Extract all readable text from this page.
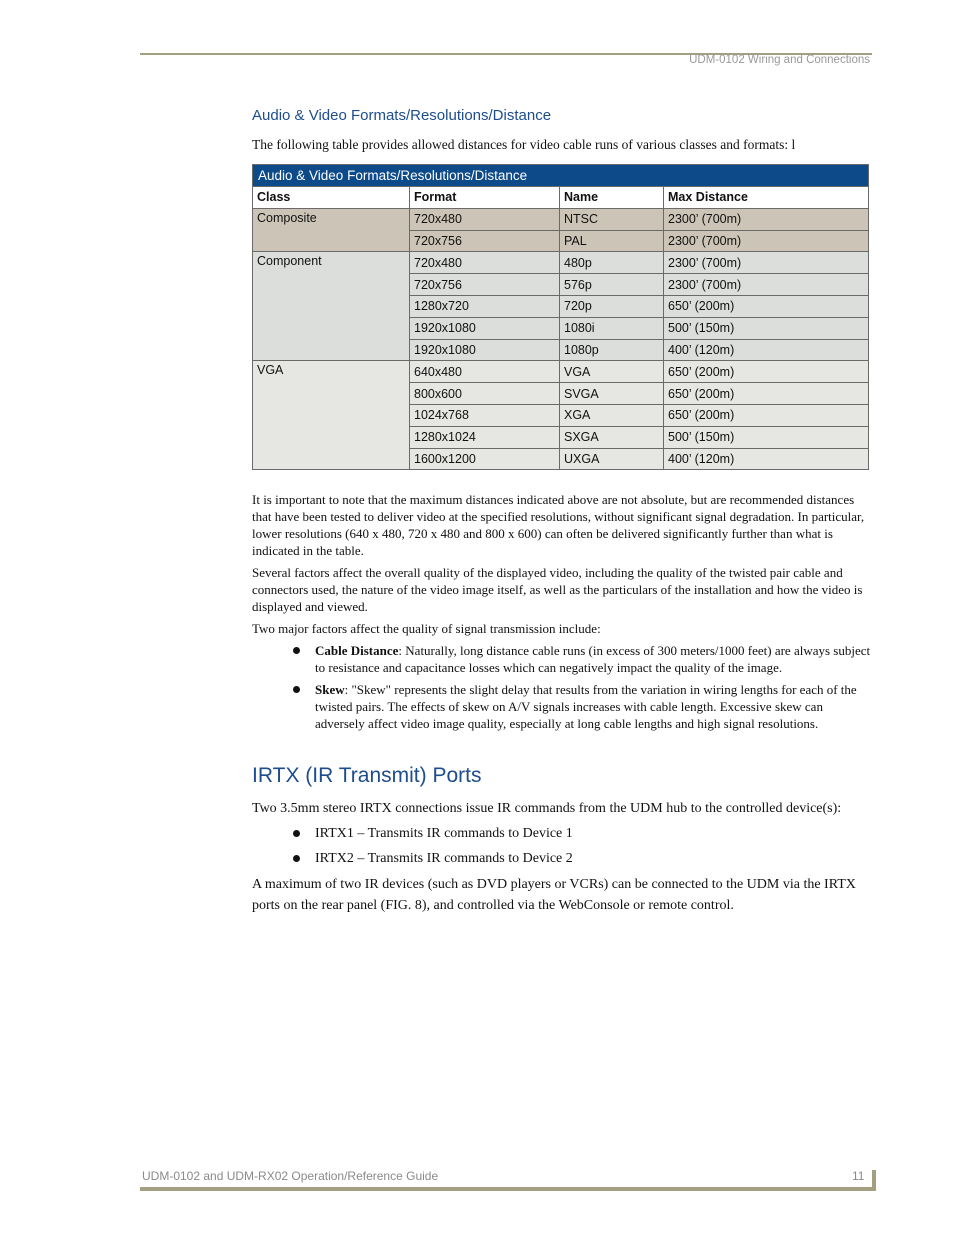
UDM-0102 Wiring and Connections
Audio & Video Formats/Resolutions/Distance
The following table provides allowed distances for video cable runs of various classes and formats: l
Audio & Video Formats/Resolutions/Distance			
Class	Format	Name	Max Distance
Composite	720x480	NTSC	2300’ (700m)
	720x756	PAL	2300’ (700m)
Component	720x480	480p	2300’ (700m)
	720x756	576p	2300’ (700m)
	1280x720	720p	650’ (200m)
	1920x1080	1080i	500’ (150m)
	1920x1080	1080p	400’ (120m)
VGA	640x480	VGA	650’ (200m)
	800x600	SVGA	650’ (200m)
	1024x768	XGA	650’ (200m)
	1280x1024	SXGA	500’ (150m)
	1600x1200	UXGA	400’ (120m)

It is important to note that the maximum distances indicated above are not absolute, but are recommended distances that have been tested to deliver video at the specified resolutions, without significant signal degradation. In particular, lower resolutions (640 x 480, 720 x 480 and 800 x 600) can often be delivered significantly further than what is indicated in the table.

Several factors affect the overall quality of the displayed video, including the quality of the twisted pair cable and connectors used, the nature of the video image itself, as well as the particulars of the installation and how the video is displayed and viewed.

Two major factors affect the quality of signal transmission include:

Cable Distance: Naturally, long distance cable runs (in excess of 300 meters/1000 feet) are always subject to resistance and capacitance losses which can negatively impact the quality of the image.
Skew: "Skew" represents the slight delay that results from the variation in wiring lengths for each of the twisted pairs. The effects of skew on A/V signals increases with cable length. Excessive skew can adversely affect video image quality, especially at long cable lengths and high signal resolutions.
IRTX (IR Transmit) Ports
Two 3.5mm stereo IRTX connections issue IR commands from the UDM hub to the controlled device(s):
IRTX1 – Transmits IR commands to Device 1
IRTX2 – Transmits IR commands to Device 2
A maximum of two IR devices (such as DVD players or VCRs) can be connected to the UDM via the IRTX ports on the rear panel (FIG. 8), and controlled via the WebConsole or remote control.
UDM-0102 and UDM-RX02 Operation/Reference Guide	11
